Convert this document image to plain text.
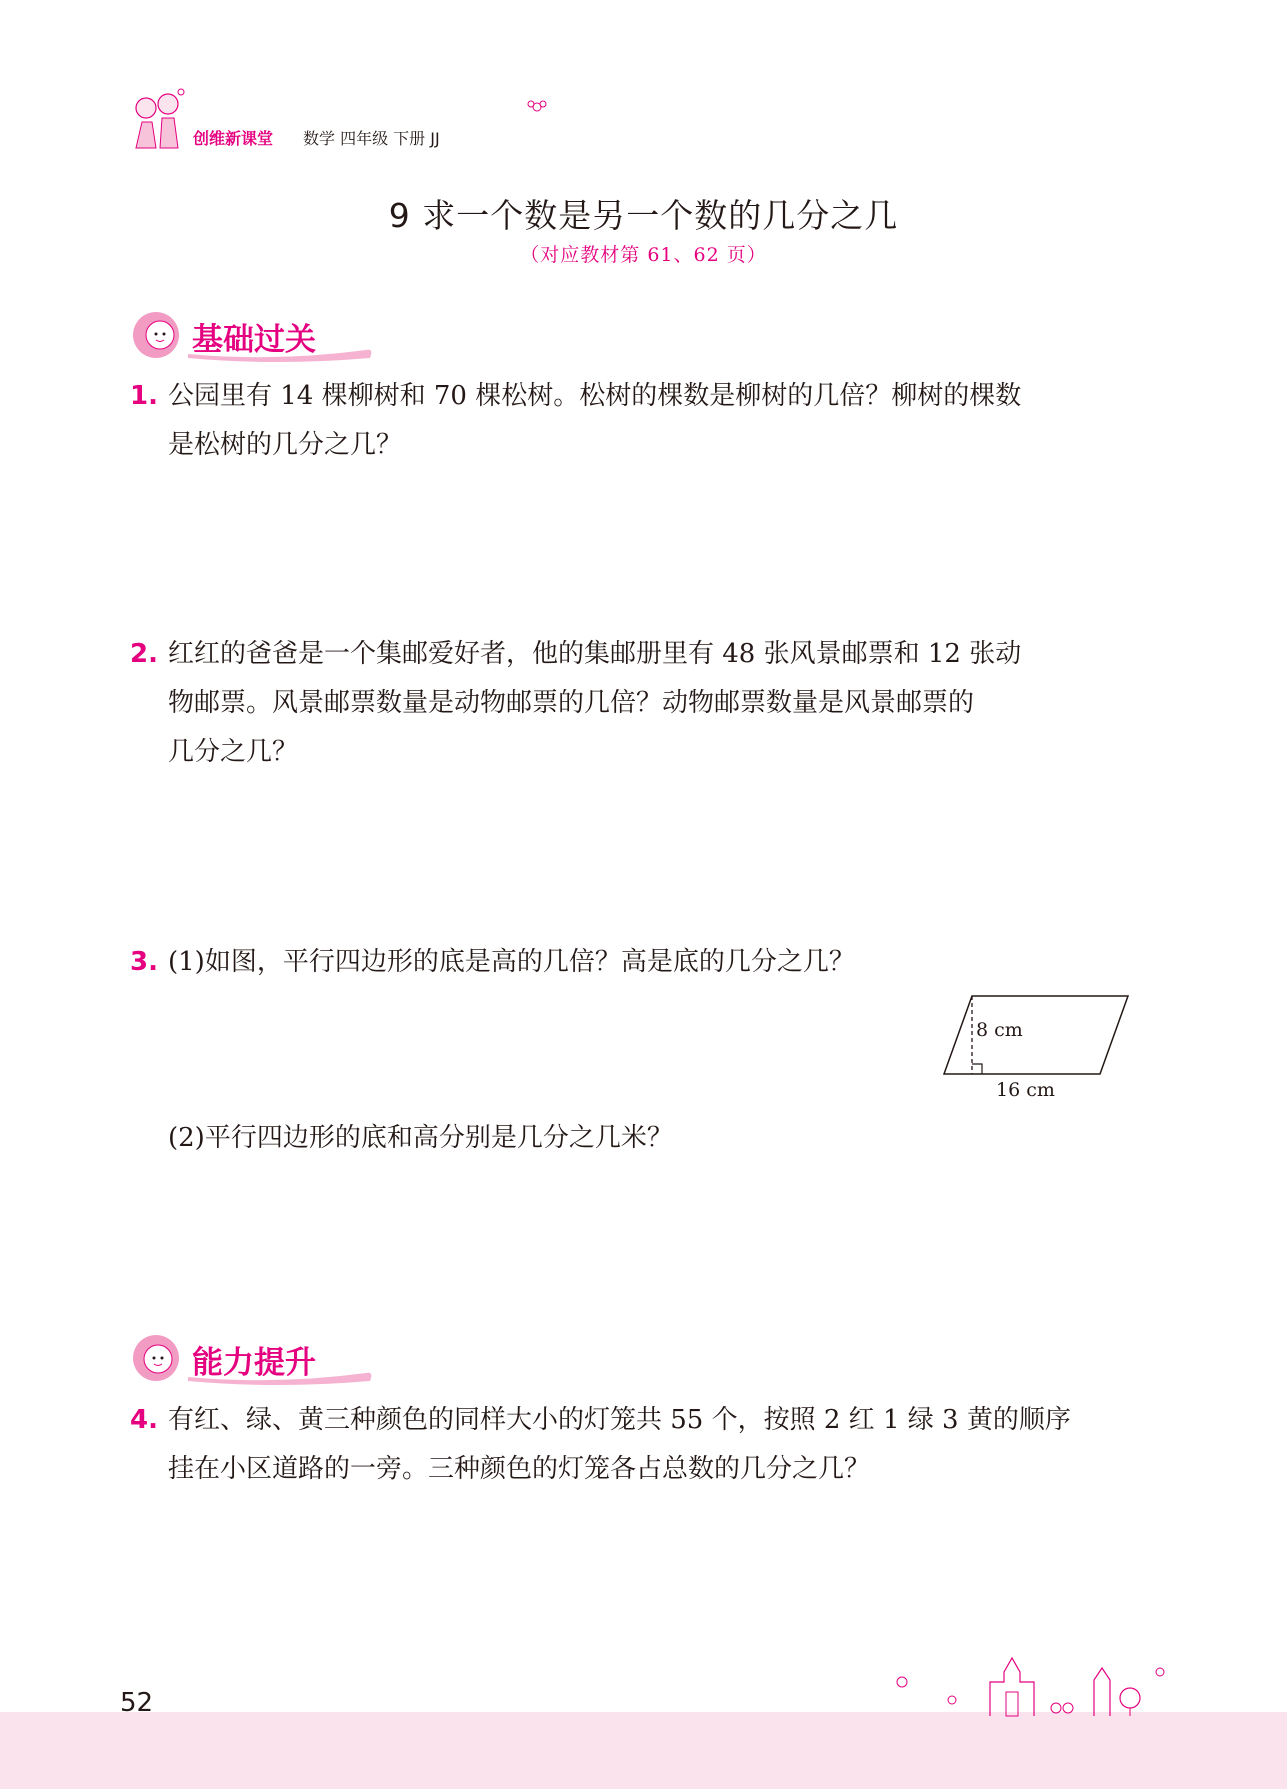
创维新课堂 数学 四年级 下册 JJ
9 求一个数是另一个数的几分之几
（对应教材第 61、62 页）
基础过关
1. 公园里有 14 棵柳树和 70 棵松树。松树的棵数是柳树的几倍？柳树的棵数
是松树的几分之几？
2. 红红的爸爸是一个集邮爱好者，他的集邮册里有 48 张风景邮票和 12 张动
物邮票。风景邮票数量是动物邮票的几倍？动物邮票数量是风景邮票的
几分之几？
3. (1)如图，平行四边形的底是高的几倍？高是底的几分之几？
8 cm
16 cm
(2)平行四边形的底和高分别是几分之几米？
能力提升
4. 有红、绿、黄三种颜色的同样大小的灯笼共 55 个，按照 2 红 1 绿 3 黄的顺序
挂在小区道路的一旁。三种颜色的灯笼各占总数的几分之几？
52
